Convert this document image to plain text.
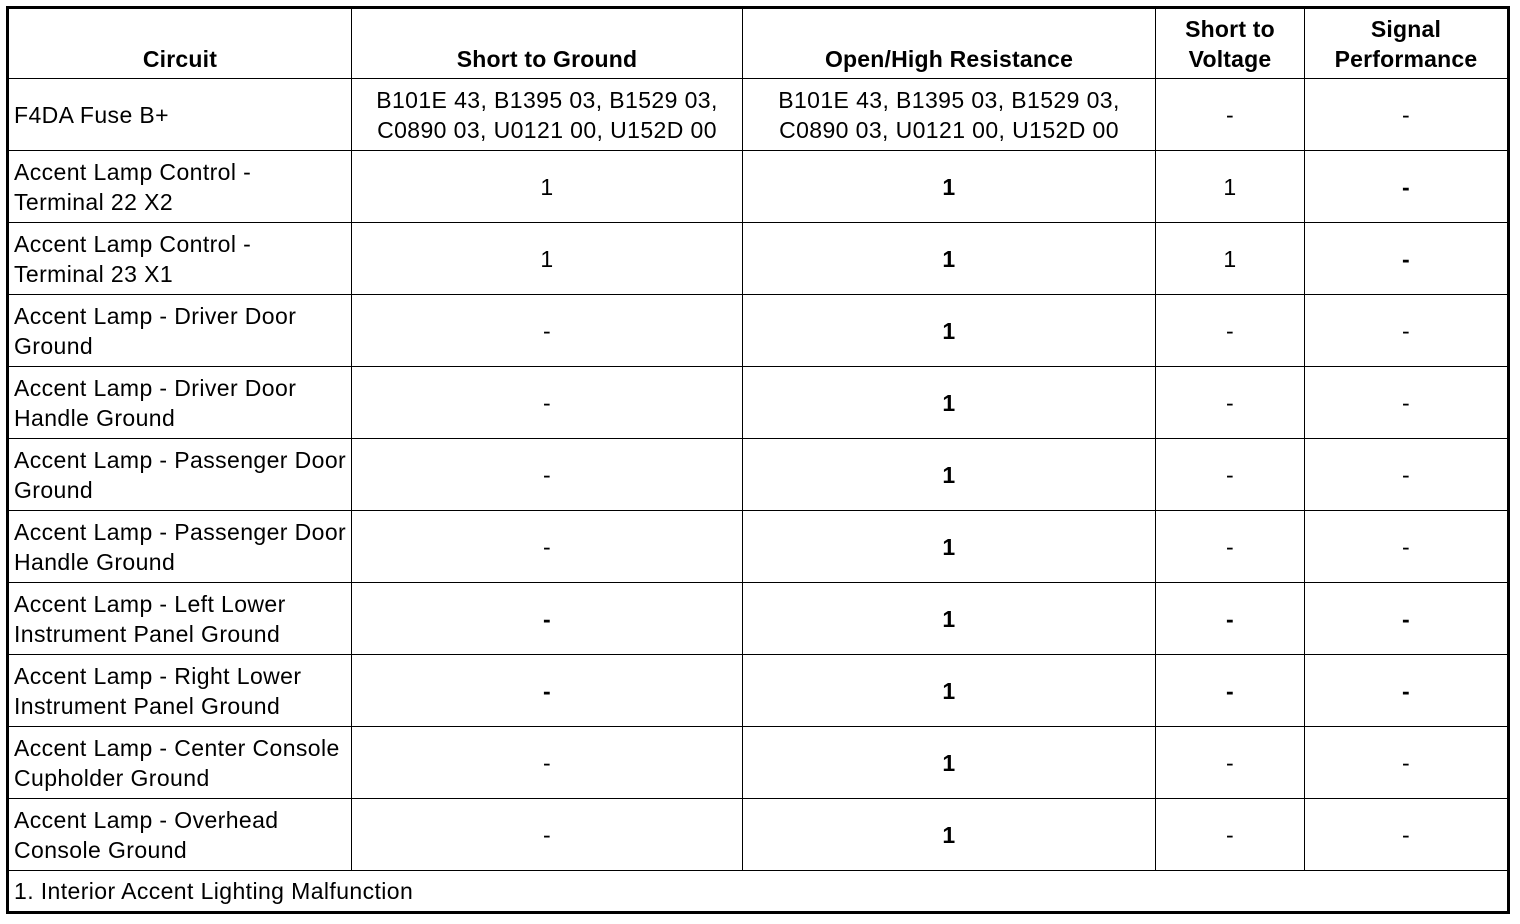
Circuit	Short to Ground	Open/High Resistance	Short to Voltage	Signal Performance
F4DA Fuse B+	B101E 43, B1395 03, B1529 03, C0890 03, U0121 00, U152D 00	B101E 43, B1395 03, B1529 03, C0890 03, U0121 00, U152D 00	-	-
Accent Lamp Control - Terminal 22 X2	1	1	1	-
Accent Lamp Control - Terminal 23 X1	1	1	1	-
Accent Lamp - Driver Door Ground	-	1	-	-
Accent Lamp - Driver Door Handle Ground	-	1	-	-
Accent Lamp - Passenger Door Ground	-	1	-	-
Accent Lamp - Passenger Door Handle Ground	-	1	-	-
Accent Lamp - Left Lower Instrument Panel Ground	-	1	-	-
Accent Lamp - Right Lower Instrument Panel Ground	-	1	-	-
Accent Lamp - Center Console Cupholder Ground	-	1	-	-
Accent Lamp - Overhead Console Ground	-	1	-	-
1. Interior Accent Lighting Malfunction				
